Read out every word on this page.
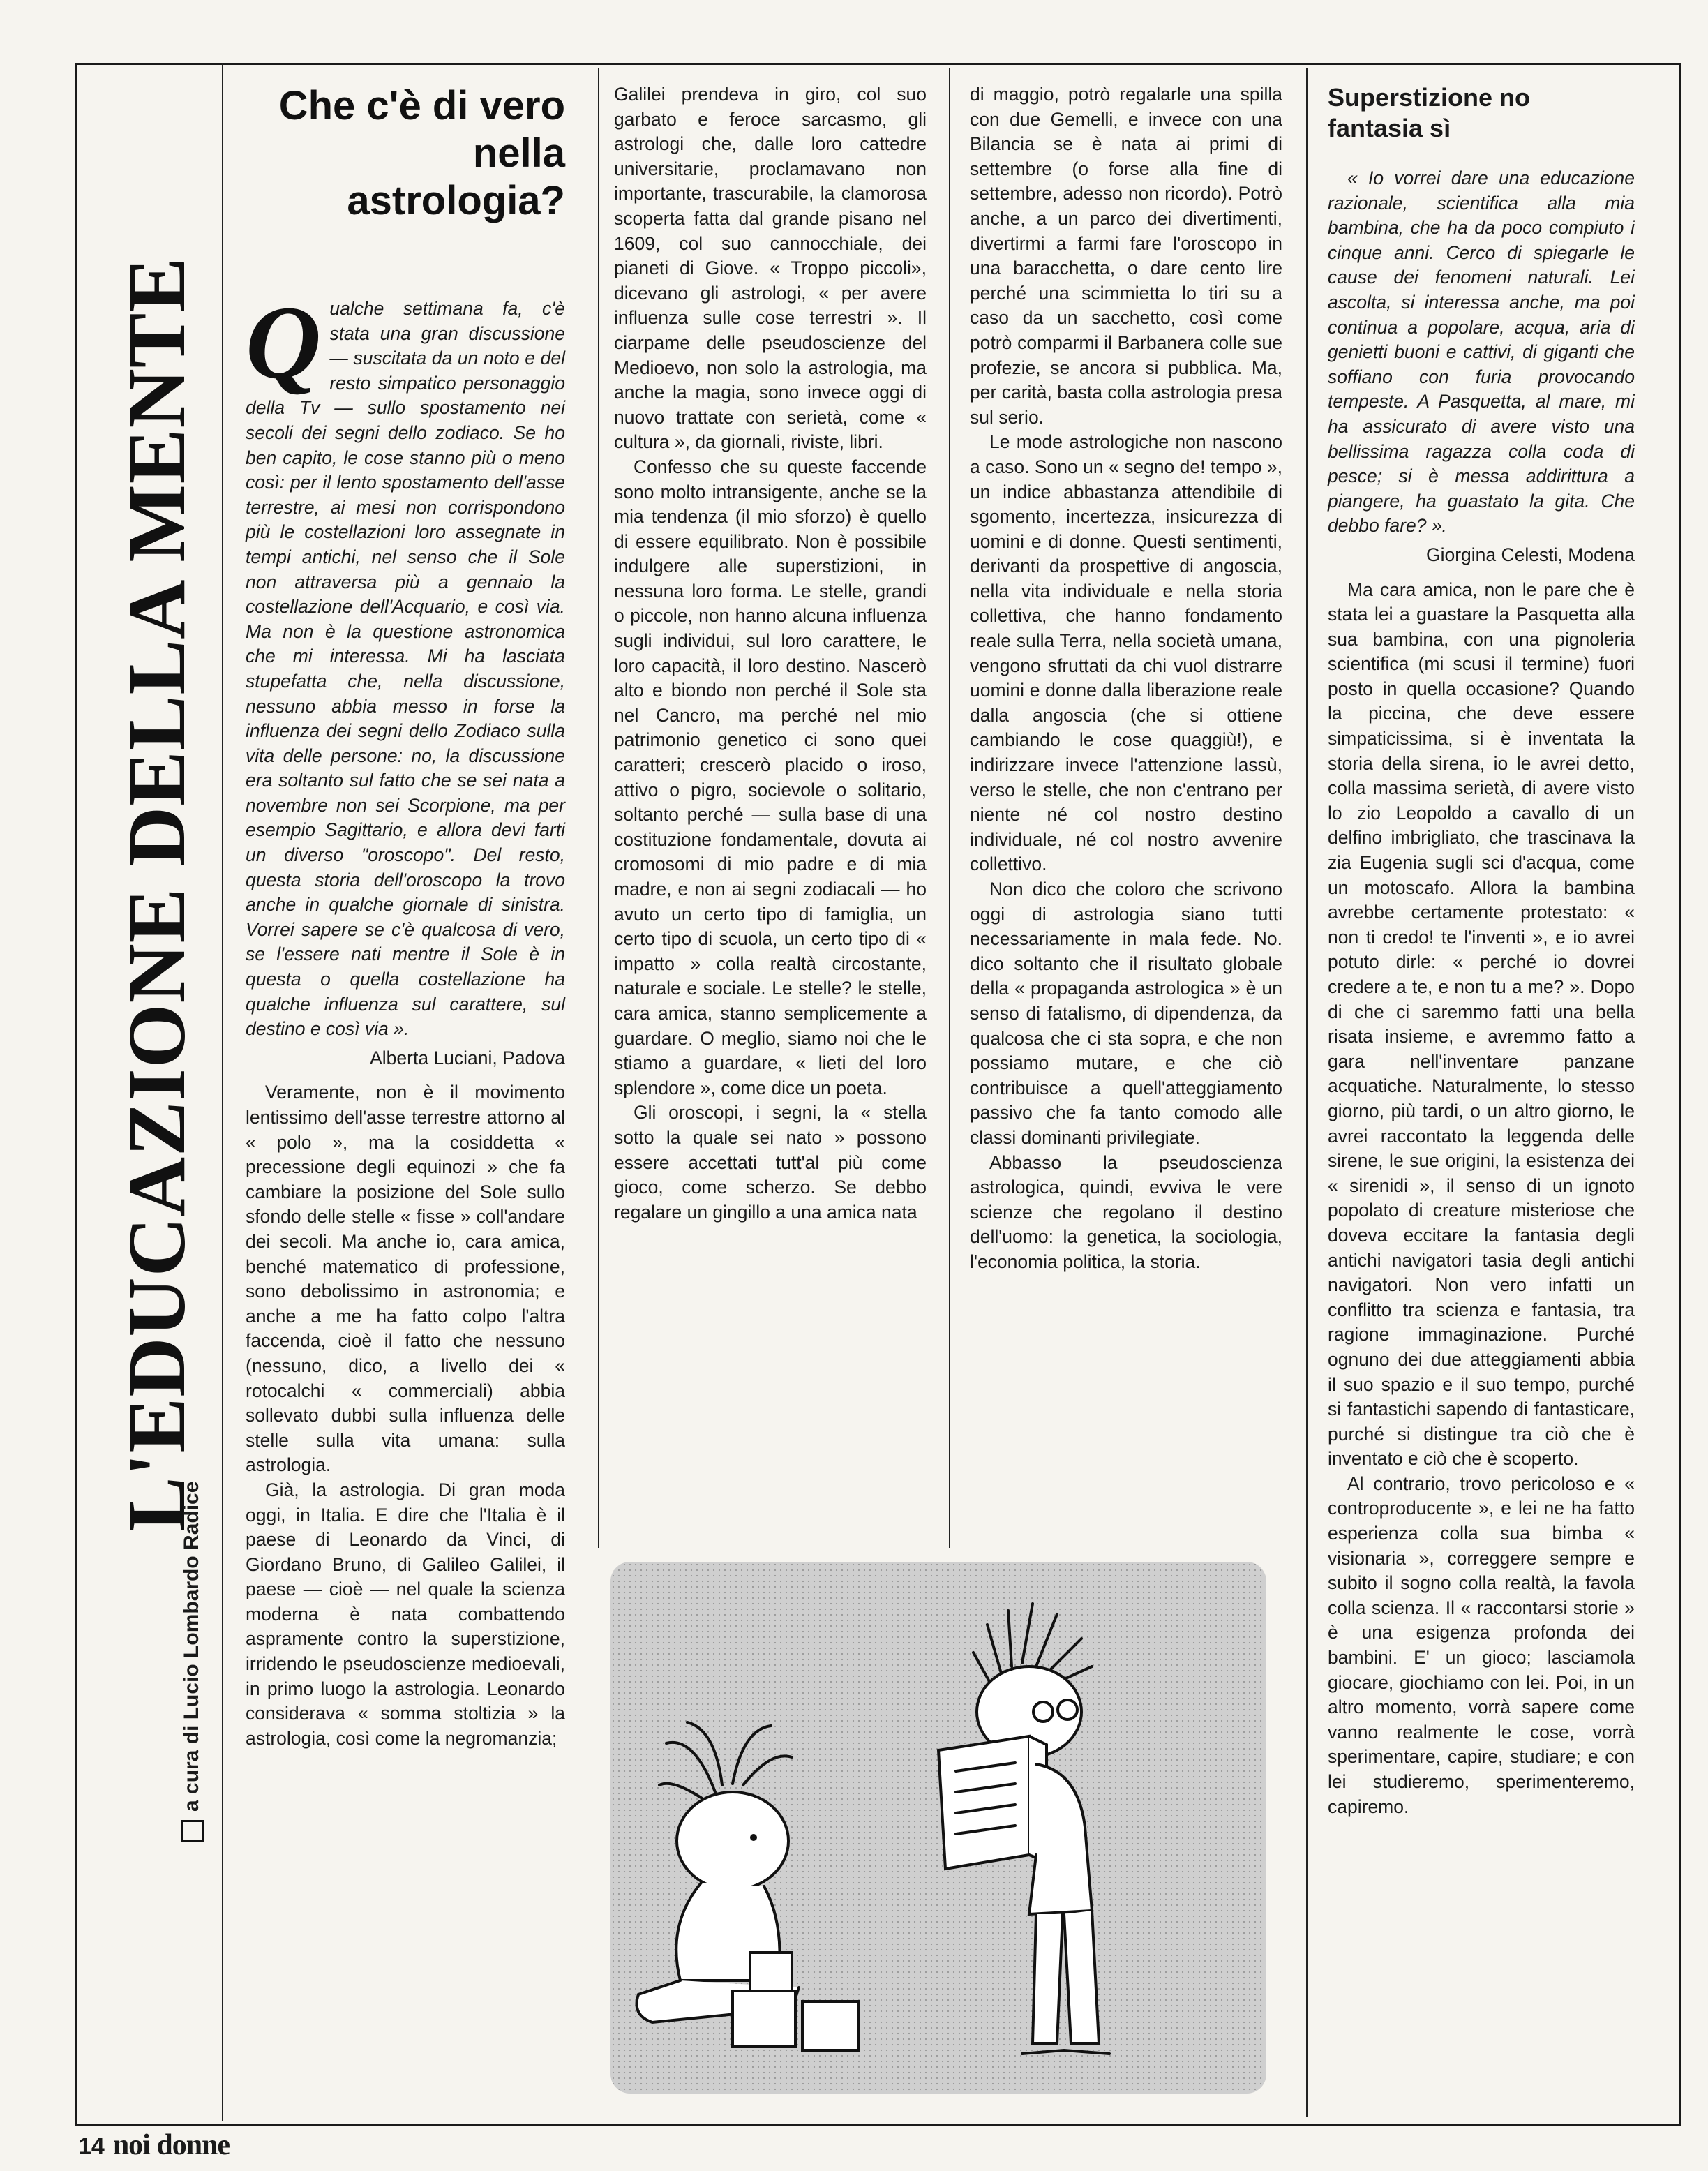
L'EDUCAZIONE DELLA MENTE
a cura di Lucio Lombardo Radice
Che c'è di vero nella astrologia?

Qualche settimana fa, c'è stata una gran discussione — suscitata da un noto e del resto simpatico personaggio della Tv — sullo spostamento nei secoli dei segni dello zodiaco. Se ho ben capito, le cose stanno più o meno così: per il lento spostamento dell'asse terrestre, ai mesi non corrispondono più le costellazioni loro assegnate in tempi antichi, nel senso che il Sole non attraversa più a gennaio la costellazione dell'Acquario, e così via. Ma non è la questione astronomica che mi interessa. Mi ha lasciata stupefatta che, nella discussione, nessuno abbia messo in forse la influenza dei segni dello Zodiaco sulla vita delle persone: no, la discussione era soltanto sul fatto che se sei nata a novembre non sei Scorpione, ma per esempio Sagittario, e allora devi farti un diverso "oroscopo". Del resto, questa storia dell'oroscopo la trovo anche in qualche giornale di sinistra. Vorrei sapere se c'è qualcosa di vero, se l'essere nati mentre il Sole è in questa o quella costellazione ha qualche influenza sul carattere, sul destino e così via ».

Alberta Luciani, Padova

Veramente, non è il movimento lentissimo dell'asse terrestre attorno al « polo », ma la cosiddetta « precessione degli equinozi » che fa cambiare la posizione del Sole sullo sfondo delle stelle « fisse » coll'andare dei secoli. Ma anche io, cara amica, benché matematico di professione, sono debolissimo in astronomia; e anche a me ha fatto colpo l'altra faccenda, cioè il fatto che nessuno (nessuno, dico, a livello dei « rotocalchi « commerciali) abbia sollevato dubbi sulla influenza delle stelle sulla vita umana: sulla astrologia.

Già, la astrologia. Di gran moda oggi, in Italia. E dire che l'Italia è il paese di Leonardo da Vinci, di Giordano Bruno, di Galileo Galilei, il paese — cioè — nel quale la scienza moderna è nata combattendo aspramente contro la superstizione, irridendo le pseudoscienze medioevali, in primo luogo la astrologia. Leonardo considerava « somma stoltizia » la astrologia, così come la negromanzia;

Galilei prendeva in giro, col suo garbato e feroce sarcasmo, gli astrologi che, dalle loro cattedre universitarie, proclamavano non importante, trascurabile, la clamorosa scoperta fatta dal grande pisano nel 1609, col suo cannocchiale, dei pianeti di Giove. « Troppo piccoli», dicevano gli astrologi, « per avere influenza sulle cose terrestri ». Il ciarpame delle pseudoscienze del Medioevo, non solo la astrologia, ma anche la magia, sono invece oggi di nuovo trattate con serietà, come « cultura », da giornali, riviste, libri.

Confesso che su queste faccende sono molto intransigente, anche se la mia tendenza (il mio sforzo) è quello di essere equilibrato. Non è possibile indulgere alle superstizioni, in nessuna loro forma. Le stelle, grandi o piccole, non hanno alcuna influenza sugli individui, sul loro carattere, le loro capacità, il loro destino. Nascerò alto e biondo non perché il Sole sta nel Cancro, ma perché nel mio patrimonio genetico ci sono quei caratteri; crescerò placido o iroso, attivo o pigro, socievole o solitario, soltanto perché — sulla base di una costituzione fondamentale, dovuta ai cromosomi di mio padre e di mia madre, e non ai segni zodiacali — ho avuto un certo tipo di famiglia, un certo tipo di scuola, un certo tipo di « impatto » colla realtà circostante, naturale e sociale. Le stelle? le stelle, cara amica, stanno semplicemente a guardare. O meglio, siamo noi che le stiamo a guardare, « lieti del loro splendore », come dice un poeta.

Gli oroscopi, i segni, la « stella sotto la quale sei nato » possono essere accettati tutt'al più come gioco, come scherzo. Se debbo regalare un gingillo a una amica nata

di maggio, potrò regalarle una spilla con due Gemelli, e invece con una Bilancia se è nata ai primi di settembre (o forse alla fine di settembre, adesso non ricordo). Potrò anche, a un parco dei divertimenti, divertirmi a farmi fare l'oroscopo in una baracchetta, o dare cento lire perché una scimmietta lo tiri su a caso da un sacchetto, così come potrò comparmi il Barbanera colle sue profezie, se ancora si pubblica. Ma, per carità, basta colla astrologia presa sul serio.

Le mode astrologiche non nascono a caso. Sono un « segno de! tempo », un indice abbastanza attendibile di sgomento, incertezza, insicurezza di uomini e di donne. Questi sentimenti, derivanti da prospettive di angoscia, nella vita individuale e nella storia collettiva, che hanno fondamento reale sulla Terra, nella società umana, vengono sfruttati da chi vuol distrarre uomini e donne dalla liberazione reale dalla angoscia (che si ottiene cambiando le cose quaggiù!), e indirizzare invece l'attenzione lassù, verso le stelle, che non c'entrano per niente né col nostro destino individuale, né col nostro avvenire collettivo.

Non dico che coloro che scrivono oggi di astrologia siano tutti necessariamente in mala fede. No. dico soltanto che il risultato globale della « propaganda astrologica » è un senso di fatalismo, di dipendenza, da qualcosa che ci sta sopra, e che non possiamo mutare, e che ciò contribuisce a quell'atteggiamento passivo che fa tanto comodo alle classi dominanti privilegiate.

Abbasso la pseudoscienza astrologica, quindi, evviva le vere scienze che regolano il destino dell'uomo: la genetica, la sociologia, l'economia politica, la storia.

Superstizione no fantasia sì

« Io vorrei dare una educazione razionale, scientifica alla mia bambina, che ha da poco compiuto i cinque anni. Cerco di spiegarle le cause dei fenomeni naturali. Lei ascolta, si interessa anche, ma poi continua a popolare, acqua, aria di genietti buoni e cattivi, di giganti che soffiano con furia provocando tempeste. A Pasquetta, al mare, mi ha assicurato di avere visto una bellissima ragazza colla coda di pesce; si è messa addirittura a piangere, ha guastato la gita. Che debbo fare? ».

Giorgina Celesti, Modena

Ma cara amica, non le pare che è stata lei a guastare la Pasquetta alla sua bambina, con una pignoleria scientifica (mi scusi il termine) fuori posto in quella occasione? Quando la piccina, che deve essere simpaticissima, si è inventata la storia della sirena, io le avrei detto, colla massima serietà, di avere visto lo zio Leopoldo a cavallo di un delfino imbrigliato, che trascinava la zia Eugenia sugli sci d'acqua, come un motoscafo. Allora la bambina avrebbe certamente protestato: « non ti credo! te l'inventi », e io avrei potuto dirle: « perché io dovrei credere a te, e non tu a me? ». Dopo di che ci saremmo fatti una bella risata insieme, e avremmo fatto a gara nell'inventare panzane acquatiche. Naturalmente, lo stesso giorno, più tardi, o un altro giorno, le avrei raccontato la leggenda delle sirene, le sue origini, la esistenza dei « sirenidi », il senso di un ignoto popolato di creature misteriose che doveva eccitare la fantasia degli antichi navigatori tasia degli antichi navigatori. Non vero infatti un conflitto tra scienza e fantasia, tra ragione immaginazione. Purché ognuno dei due atteggiamenti abbia il suo spazio e il suo tempo, purché si fantastichi sapendo di fantasticare, purché si distingue tra ciò che è inventato e ciò che è scoperto.

Al contrario, trovo pericoloso e « controproducente », e lei ne ha fatto esperienza colla sua bimba « visionaria », correggere sempre e subito il sogno colla realtà, la favola colla scienza. Il « raccontarsi storie » è una esigenza profonda dei bambini. E' un gioco; lasciamola giocare, giochiamo con lei. Poi, in un altro momento, vorrà sapere come vanno realmente le cose, vorrà sperimentare, capire, studiare; e con lei studieremo, sperimenteremo, capiremo.

14 noi donne
